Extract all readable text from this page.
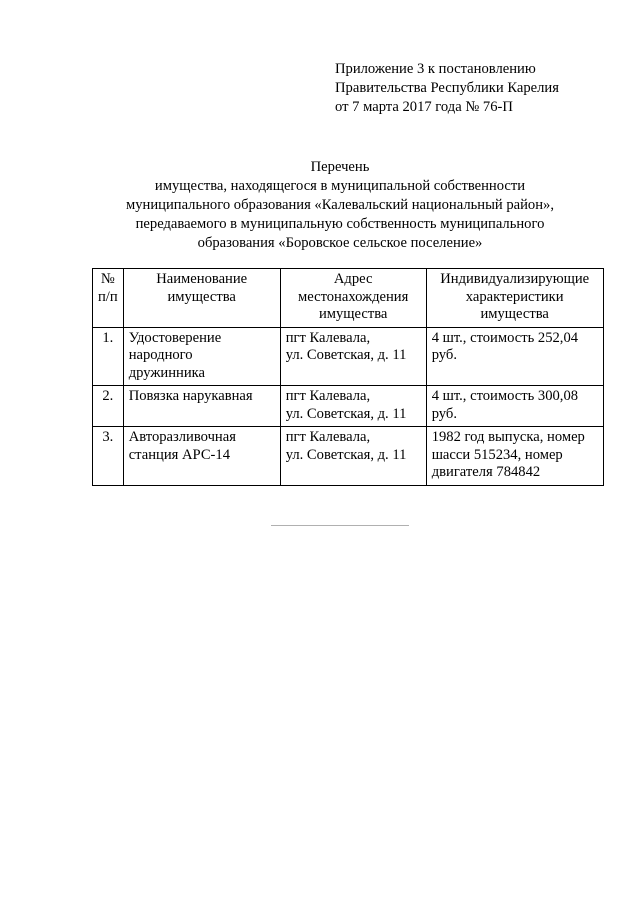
Приложение 3 к постановлению
Правительства Республики Карелия
от 7 марта 2017 года № 76-П
Перечень
имущества, находящегося в муниципальной собственности
муниципального образования «Калевальский национальный район»,
передаваемого в муниципальную собственность муниципального
образования «Боровское сельское поселение»
№
п/п	Наименование
имущества	Адрес
местонахождения
имущества	Индивидуализирующие
характеристики
имущества

1.	Удостоверение
народного
дружинника	пгт Калевала,
ул. Советская, д. 11	4 шт., стоимость 252,04
руб.

2.	Повязка нарукавная	пгт Калевала,
ул. Советская, д. 11	4 шт., стоимость 300,08
руб.

3.	Авторазливочная
станция АРС-14	пгт Калевала,
ул. Советская, д. 11	1982 год выпуска, номер
шасси 515234, номер
двигателя 784842
